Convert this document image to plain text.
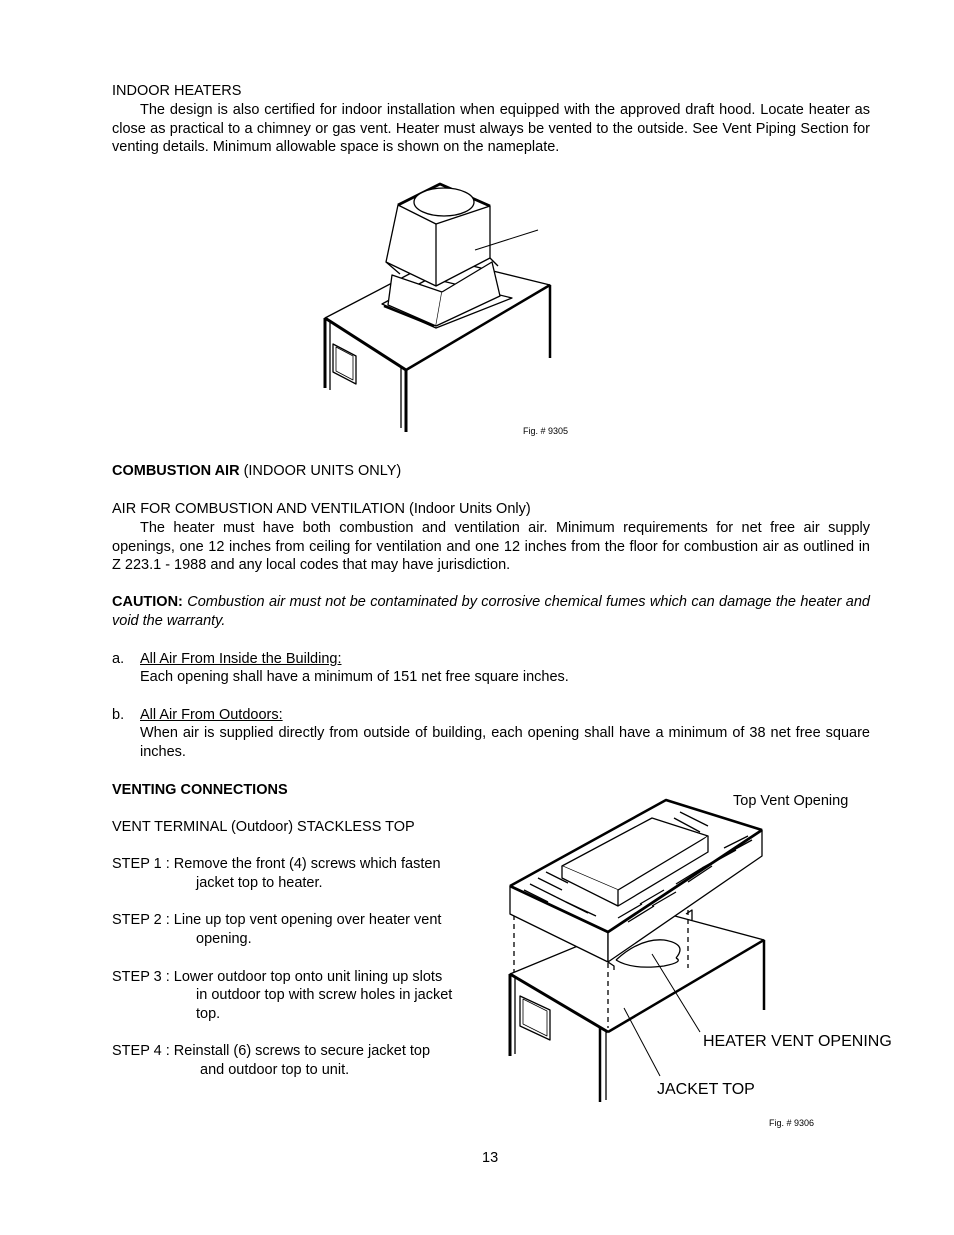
INDOOR HEATERS
The design is also certified for indoor installation when equipped with the approved draft hood. Locate heater as close as practical to a chimney or gas vent. Heater must always be vented to the outside. See Vent Piping Section for venting details. Minimum allowable space is shown on the nameplate.
Fig. # 9305
COMBUSTION AIR (INDOOR UNITS ONLY)
AIR FOR COMBUSTION AND VENTILATION (Indoor Units Only)
The heater must have both combustion and ventilation air. Minimum requirements for net free air supply openings, one 12 inches from ceiling for ventilation and one 12 inches from the floor for combustion air as outlined in Z 223.1 - 1988 and any local codes that may have jurisdiction.
CAUTION: Combustion air must not be contaminated by corrosive chemical fumes which can damage the heater and void the warranty.
a. All Air From Inside the Building:
Each opening shall have a minimum of 151 net free square inches.
b. All Air From Outdoors:
When air is supplied directly from outside of building, each opening shall have a minimum of 38 net free square inches.
VENTING CONNECTIONS
VENT TERMINAL (Outdoor) STACKLESS TOP
STEP 1 : Remove the front (4) screws which fasten
jacket top to heater.
STEP 2 : Line up top vent opening over heater vent
opening.
STEP 3 : Lower outdoor top onto unit lining up slots
in outdoor top with screw holes in jacket
top.
STEP 4 : Reinstall (6) screws to secure jacket top
and outdoor top to unit.
Top Vent Opening
HEATER VENT OPENING
JACKET TOP
Fig. # 9306
13
